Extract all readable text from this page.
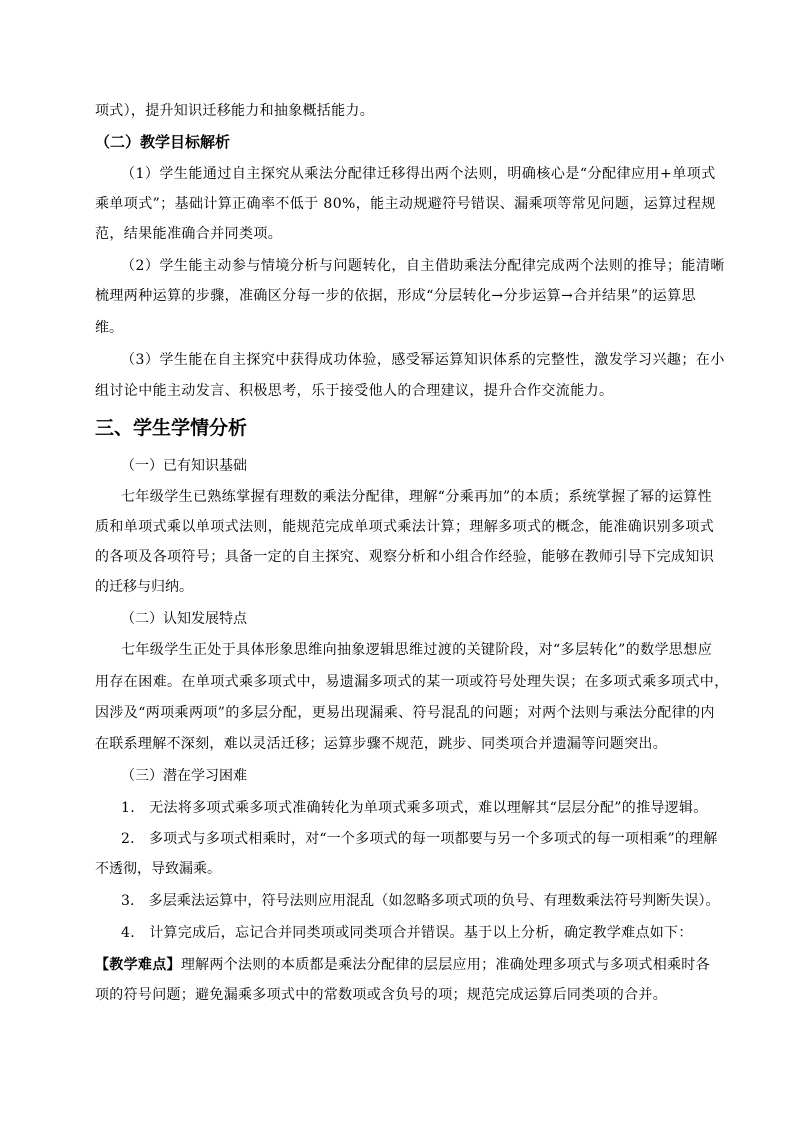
项式），提升知识迁移能力和抽象概括能力。
（二）教学目标解析
（1）学生能通过自主探究从乘法分配律迁移得出两个法则，明确核心是“分配律应用+单项式
乘单项式”；基础计算正确率不低于 80%，能主动规避符号错误、漏乘项等常见问题，运算过程规
范，结果能准确合并同类项。
（2）学生能主动参与情境分析与问题转化，自主借助乘法分配律完成两个法则的推导；能清晰
梳理两种运算的步骤，准确区分每一步的依据，形成“分层转化→分步运算→合并结果”的运算思
维。
（3）学生能在自主探究中获得成功体验，感受幂运算知识体系的完整性，激发学习兴趣；在小
组讨论中能主动发言、积极思考，乐于接受他人的合理建议，提升合作交流能力。
三、学生学情分析
（一）已有知识基础
七年级学生已熟练掌握有理数的乘法分配律，理解“分乘再加”的本质；系统掌握了幂的运算性
质和单项式乘以单项式法则，能规范完成单项式乘法计算；理解多项式的概念，能准确识别多项式
的各项及各项符号；具备一定的自主探究、观察分析和小组合作经验，能够在教师引导下完成知识
的迁移与归纳。
（二）认知发展特点
七年级学生正处于具体形象思维向抽象逻辑思维过渡的关键阶段，对“多层转化”的数学思想应
用存在困难。在单项式乘多项式中，易遗漏多项式的某一项或符号处理失误；在多项式乘多项式中，
因涉及“两项乘两项”的多层分配，更易出现漏乘、符号混乱的问题；对两个法则与乘法分配律的内
在联系理解不深刻，难以灵活迁移；运算步骤不规范，跳步、同类项合并遗漏等问题突出。
（三）潜在学习困难
1.　无法将多项式乘多项式准确转化为单项式乘多项式，难以理解其“层层分配”的推导逻辑。
2.　多项式与多项式相乘时，对“一个多项式的每一项都要与另一个多项式的每一项相乘”的理解
不透彻，导致漏乘。
3.　多层乘法运算中，符号法则应用混乱（如忽略多项式项的负号、有理数乘法符号判断失误）。
4.　计算完成后，忘记合并同类项或同类项合并错误。基于以上分析，确定教学难点如下：
【教学难点】理解两个法则的本质都是乘法分配律的层层应用；准确处理多项式与多项式相乘时各
项的符号问题；避免漏乘多项式中的常数项或含负号的项；规范完成运算后同类项的合并。
